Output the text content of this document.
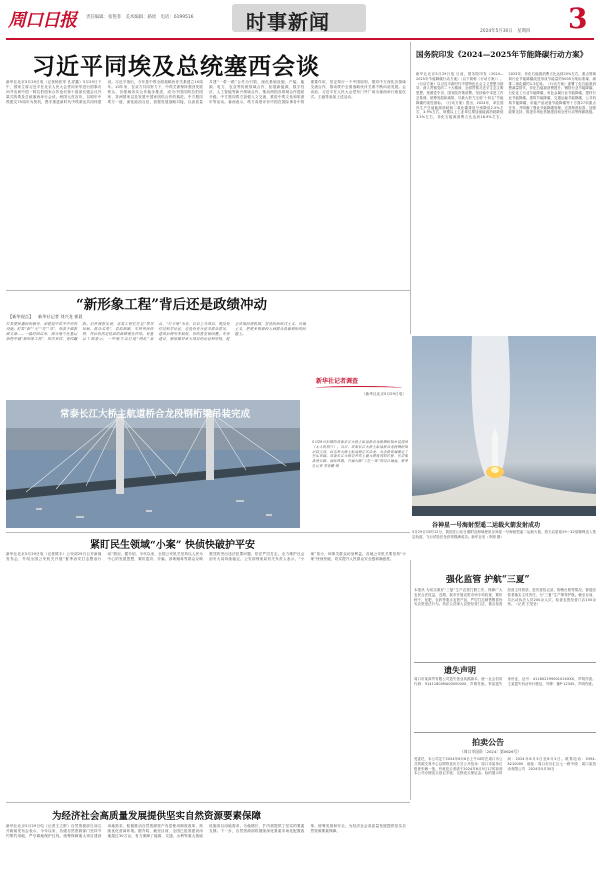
周口日报 责任编辑：张艳菲　美术编辑：路瑶　电话：6199516	时事新闻	2024年5月30日　星期四 3
习近平同埃及总统塞西会谈
新华社北京5月29日电（记者杨依军 孔祥鑫）5月29日下午，国家主席习近平在北京人民大会堂同来华进行国事访问并出席中国－阿拉伯国家合作论坛第十届部长级会议开幕式的埃及总统塞西举行会谈。两国元首宣布，以明年中埃建交70周年为契机，携手推进新时代中埃命运共同体建设。习近平指出，今年是中埃全面战略伙伴关系建立10周年。10年来，在双方共同努力下，中埃关系保持强劲发展势头，各领域务实合作稳步推进，成为中国同阿拉伯国家、非洲国家以及发展中国家团结合作的典范。中方愿同埃方一道，深化政治互信，加强发展战略对接，以高质量共建“一带一路”合作为引领，深化基础设施、产能、能源、电力、农业等传统领域合作，拓展新能源、数字经济、人工智能等新兴领域合作，推动两国各领域合作提质升级。中方愿同埃方加强人文交流，推进中埃文化和旅游年等活动。塞西表示，埃方高度评价中国在国际事务中的重要作用，坚定奉行一个中国原则，愿同中方深化各领域交流合作，推动埃中全面战略伙伴关系不断向前发展。会谈前，习近平在人民大会堂东门外广场为塞西举行欢迎仪式。王毅等参加上述活动。
国务院印发《2024—2025年节能降碳行动方案》
新华社北京5月29日电 日前，国务院印发《2024—2025年节能降碳行动方案》（以下简称《行动方案》）。《行动方案》以习近平新时代中国特色社会主义思想为指导，深入贯彻党的二十大精神，全面贯彻习近平生态文明思想，按照党中央、国务院决策部署，坚持稳中求进工作总基调，统筹发展和减排，尽最大努力完成“十四五”节能降碳约束性指标。《行动方案》提出，2024年，单位国内生产总值能源消耗和二氧化碳排放分别降低2.5%左右、3.9%左右，规模以上工业单位增加值能源消耗降低3.5%左右，非化石能源消费占比达到18.9%左右。2025年，非化石能源消费占比达到20%左右，重点领域和行业节能降碳改造形成节能量约5000万吨标准煤、减排二氧化碳约1.3亿吨。《行动方案》部署了化石能源消费减量替代、非化石能源消费提升、钢铁行业节能降碳、石化化工行业节能降碳、有色金属行业节能降碳、建材行业节能降碳、建筑节能降碳、交通运输节能降碳、公共机构节能降碳、用能产品设备节能降碳等十方面27项重点任务，并明确了强化节能降碳管理、完善制度标准、加强政策支持、推进市场化机制建设和全民行动等保障措施。
谷神星一号海射型遥二运载火箭发射成功
5月29日15时12分，我国在山东日照附近海域使用谷神星一号海射型遥二运载火箭，将天启星座29～32星顺利送入预定轨道，飞行试验任务获得圆满成功。新华社发（李刚 摄）
“新形象工程”背后还是政绩冲动
【新华视点】 新华社记者 刘兴龙 崔晨
打着便民惠民的旗号，却建起中看不中用的设施；盯着“新”“大”“亮”“奇”，热衷于做表面文章……一段时间以来，部分地方在基层治理中搞“新形象工程”，形式多样、花样翻新。记者调查发现，这类工程往往是“领导拍板、群众买单”，看似新颖，实则劳民伤财，背后依然是扭曲的政绩观在作祟。有基层干部表示，一些地方以打造“网红”景点、“打卡地”为名，盲目上马项目，既没有经过科学论证，也没有充分征求群众意见，建成后使用率很低，有的甚至被闲置。专家建议，要加强对重大项目的论证和审批，健全决策问责机制，坚决纠治形式主义、官僚主义，把更多资源投入到群众急难愁盼的问题上。
（新华社北京5月29日电）
新华社记者调查
常泰长江大桥主航道桥合龙段钢桁梁吊装完成
5月29日拍摄的常泰长江大桥主航道桥合龙段钢桁梁吊装现场（无人机照片）。当日，常泰长江大桥主航道桥合龙段钢桁梁吊装完成，标志着大桥主航道桥正式合龙，为全桥贯通奠定了坚实基础。常泰长江大桥是世界上最大跨度的斜拉桥，也是集高速公路、城际铁路、普通公路“三位一体”的过江通道。新华社记者 季春鹏 摄
强化监管 护航“三夏”
本报讯 为切实做好“三夏”生产农资打假工作，保障广大农民合法权益，近期，我市开展农资市场专项检查，紧盯种子、化肥、农药等重点农资产品，严厉打击制售假冒伪劣农资违法行为。执法人员深入农资经营门店，重点检查经营主体资质、进货查验记录、购销台账等情况，督促经营者落实主体责任，为“三夏”生产保驾护航。截至目前，共出动执法人员200余人次，检查农资经营门店150余家。（记者 王莹莹）
遗失声明
周口市某商贸有限公司遗失营业执照副本，统一社会信用代码：91411600MA00000000，声明作废。李某遗失身份证，证号：41160219900101XXXX，声明作废。王某遗失机动车行驶证，号牌：豫P·12345，声明作废。
拍卖公告
（周口市国资〔2024〕第0626号）
受委托，本公司定于2024年6月6日上午10时在周口市公共资源交易中心以网络竞价方式公开拍卖：周口市某单位报废车辆一批。有意竞买者请于2024年6月5日17时前到本公司办理竞买登记手续，交纳竞买保证金。标的展示时间：2024年6月3日至6月5日。联系电话：0394-8210000　地址：周口市川汇区七一路中段　周口某拍卖有限公司　2024年5月30日
紧盯民生领域“小案” 快侦快破护平安
新华社北京5月29日电（记者熊丰）公安部29日召开新闻发布会，介绍全国公安机关开展“夏季治安打击整治行动”情况。据介绍，今年以来，全国公安机关坚持以人民为中心的发展思想，紧盯盗窃、诈骗、涉黄赌毒等群众反映强烈的突出违法犯罪问题，依法严厉打击，全力维护社会治安大局持续稳定。公安部刑侦局有关负责人表示，“小案”虽小，却事关群众切身利益，各地公安机关要坚持“小案”快侦快破，切实提升人民群众安全感和满意度。
为经济社会高质量发展提供坚实自然资源要素保障
新华社北京5月29日电（记者王立彬）自然资源部日前召开新闻发布会表示，今年以来，各级自然资源部门坚持节约集约用地，严守耕地保护红线，统筹保障重大项目建设用地需求，积极推动自然资源资产有偿使用制度改革，持续优化营商环境。据介绍，截至目前，全国已批准建设用地超过30万亩，有力保障了能源、交通、水利等重大基础设施项目用地需求，为稳增长、扩内需提供了坚实的要素支撑。下一步，自然资源部将继续深化要素市场化配置改革，统筹发展和安全，为经济社会高质量发展提供坚实自然资源要素保障。
